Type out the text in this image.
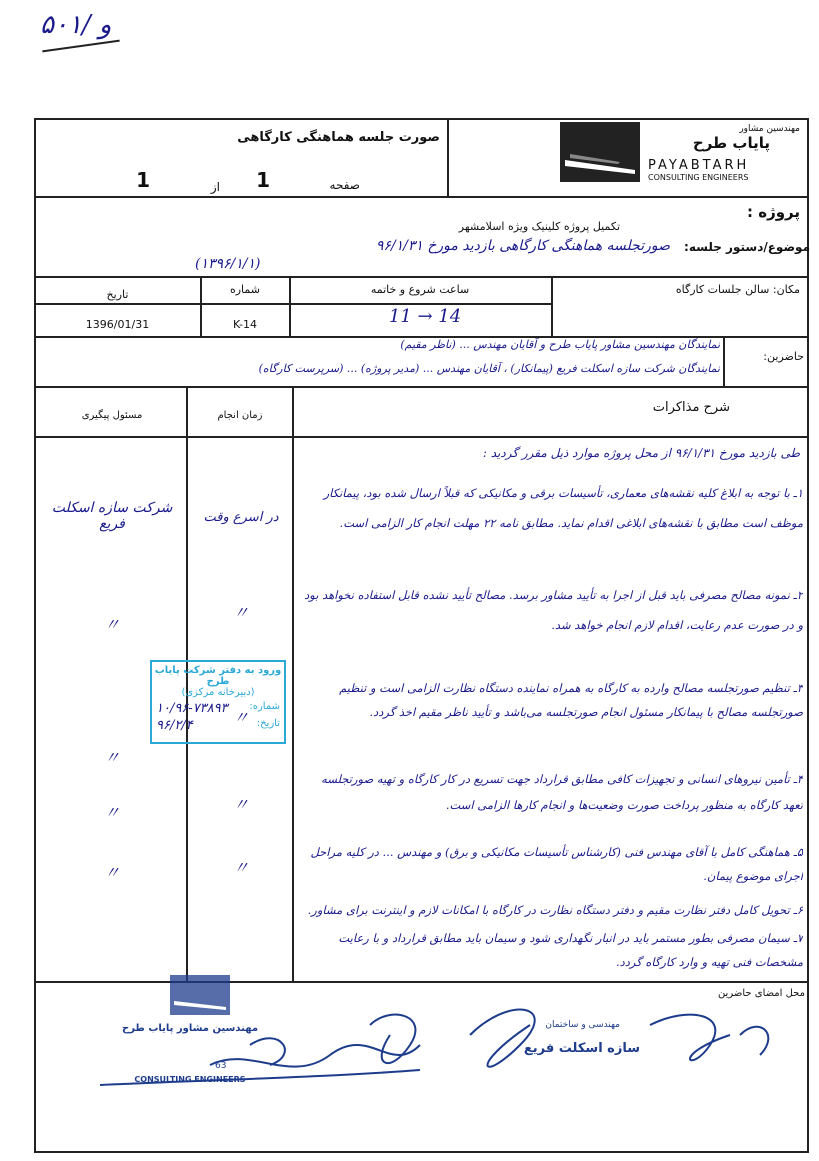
۵۰۱/ و
صورت جلسه هماهنگی کارگاهی
صفحه
1
از
1
مهندسین مشاور
پایاب طرح
PAYABTARH
CONSULTING ENGINEERS
پروژه :
تکمیل پروژه کلینیک ویژه اسلامشهر
موضوع/دستور جلسه:
صورتجلسه هماهنگی کارگاهی بازدید مورخ ۹۶/۱/۳۱
(۱۳۹۶/۱/۱)
مکان: سالن جلسات کارگاه
ساعت شروع و خاتمه
شماره
تاریخ
11 → 14
K-14
1396/01/31
حاضرین:
نمایندگان مهندسین مشاور پایاب طرح و آقایان مهندس ... (ناظر مقیم)
نمایندگان شرکت سازه اسکلت فریع (پیمانکار) ، آقایان مهندس ... (مدیر پروژه) ... (سرپرست کارگاه)
شرح مذاکرات
زمان انجام
مسئول پیگیری
طی بازدید مورخ ۹۶/۱/۳۱ از محل پروژه موارد ذیل مقرر گردید :
۱ـ با توجه به ابلاغ کلیه نقشه‌های معماری، تأسیسات برقی و مکانیکی که قبلاً ارسال شده بود، پیمانکار موظف است مطابق با نقشه‌های ابلاغی اقدام نماید. مطابق نامه ۲۲ مهلت انجام کار الزامی است.
۲ـ نمونه مصالح مصرفی باید قبل از اجرا به تأیید مشاور برسد. مصالح تأیید نشده قابل استفاده نخواهد بود و در صورت عدم رعایت، اقدام لازم انجام خواهد شد.
۳ـ تنظیم صورتجلسه مصالح وارده به کارگاه به همراه نماینده دستگاه نظارت الزامی است و تنظیم صورتجلسه مصالح با پیمانکار مسئول انجام صورتجلسه می‌باشد و تأیید ناظر مقیم اخذ گردد.
۴ـ تأمین نیروهای انسانی و تجهیزات کافی مطابق قرارداد جهت تسریع در کار کارگاه و تهیه صورتجلسه تعهد کارگاه به منظور پرداخت صورت وضعیت‌ها و انجام کارها الزامی است.
۵ـ هماهنگی کامل با آقای مهندس فنی (کارشناس تأسیسات مکانیکی و برق) و مهندس ... در کلیه مراحل اجرای موضوع پیمان.
۶ـ تحویل کامل دفتر نظارت مقیم و دفتر دستگاه نظارت در کارگاه با امکانات لازم و اینترنت برای مشاور.
۷ـ سیمان مصرفی بطور مستمر باید در انبار نگهداری شود و سیمان باید مطابق قرارداد و با رعایت مشخصات فنی تهیه و وارد کارگاه گردد.
در اسرع وقت
〃
〃
〃
〃
شرکت سازه اسکلت فریع
〃
〃
〃
〃
ورود به دفتر شرکت پایاب طرح
(دبیرخانه مرکزی)
شماره:
۱۰/۹۶-۷۳۸۹۳
تاریخ:
۹۶/۲/۴
محل امضای حاضرین
مهندسین مشاور پایاب طرح
63
CONSULTING ENGINEERS
مهندسی و ساختمان
سازه اسکلت فریع
